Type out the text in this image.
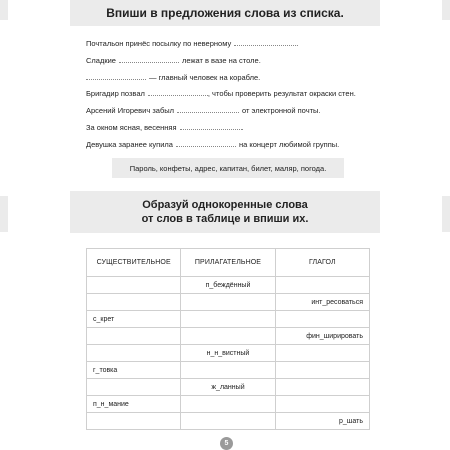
Впиши в предложения слова из списка.
Почтальон принёс посылку по неверному	.
Сладкие	лежат в вазе на столе.
— главный человек на корабле.
Бригадир позвал	, чтобы проверить результат окраски стен.
Арсений Игоревич забыл	от электронной почты.
За окном ясная, весенняя	.
Девушка заранее купила	на концерт любимой группы.
Пароль, конфеты, адрес, капитан, билет, маляр, погода.
Образуй однокоренные слова
от слов в таблице и впиши их.
СУЩЕСТВИТЕЛЬНОЕ	ПРИЛАГАТЕЛЬНОЕ	ГЛАГОЛ
	п_беждённый	
		инт_ресоваться
с_крет		
		фин_ширировать
	н_н_вистный	
г_товка		
	ж_ланный	
п_н_мание		
		р_шать
5
